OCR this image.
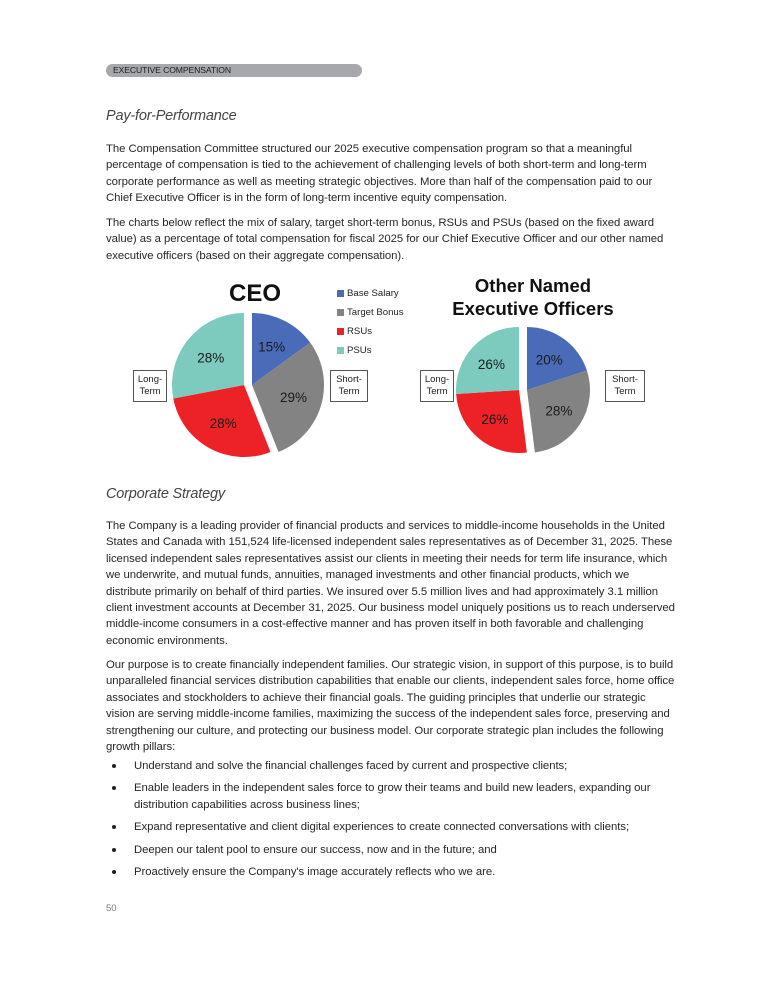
EXECUTIVE COMPENSATION
Pay-for-Performance

The Compensation Committee structured our 2025 executive compensation program so that a meaningful percentage of compensation is tied to the achievement of challenging levels of both short-term and long-term corporate performance as well as meeting strategic objectives. More than half of the compensation paid to our Chief Executive Officer is in the form of long-term incentive equity compensation.

The charts below reflect the mix of salary, target short-term bonus, RSUs and PSUs (based on the fixed award value) as a percentage of total compensation for fiscal 2025 for our Chief Executive Officer and our other named executive officers (based on their aggregate compensation).

CEO	Other Named
Executive Officers
Base Salary
Target Bonus
RSUs
PSUs
15%
29%
28%
28%	20%
28%
26%
26%
Long-
Term
Short-
Term
Long-
Term
Short-
Term
Corporate Strategy

The Company is a leading provider of financial products and services to middle-income households in the United States and Canada with 151,524 life-licensed independent sales representatives as of December 31, 2025. These licensed independent sales representatives assist our clients in meeting their needs for term life insurance, which we underwrite, and mutual funds, annuities, managed investments and other financial products, which we distribute primarily on behalf of third parties. We insured over 5.5 million lives and had approximately 3.1 million client investment accounts at December 31, 2025. Our business model uniquely positions us to reach underserved middle-income consumers in a cost-effective manner and has proven itself in both favorable and challenging economic environments.

Our purpose is to create financially independent families. Our strategic vision, in support of this purpose, is to build unparalleled financial services distribution capabilities that enable our clients, independent sales force, home office associates and stockholders to achieve their financial goals. The guiding principles that underlie our strategic vision are serving middle-income families, maximizing the success of the independent sales force, preserving and strengthening our culture, and protecting our business model. Our corporate strategic plan includes the following growth pillars:

Understand and solve the financial challenges faced by current and prospective clients;
Enable leaders in the independent sales force to grow their teams and build new leaders, expanding our distribution capabilities across business lines;
Expand representative and client digital experiences to create connected conversations with clients;
Deepen our talent pool to ensure our success, now and in the future; and
Proactively ensure the Company's image accurately reflects who we are.
50
